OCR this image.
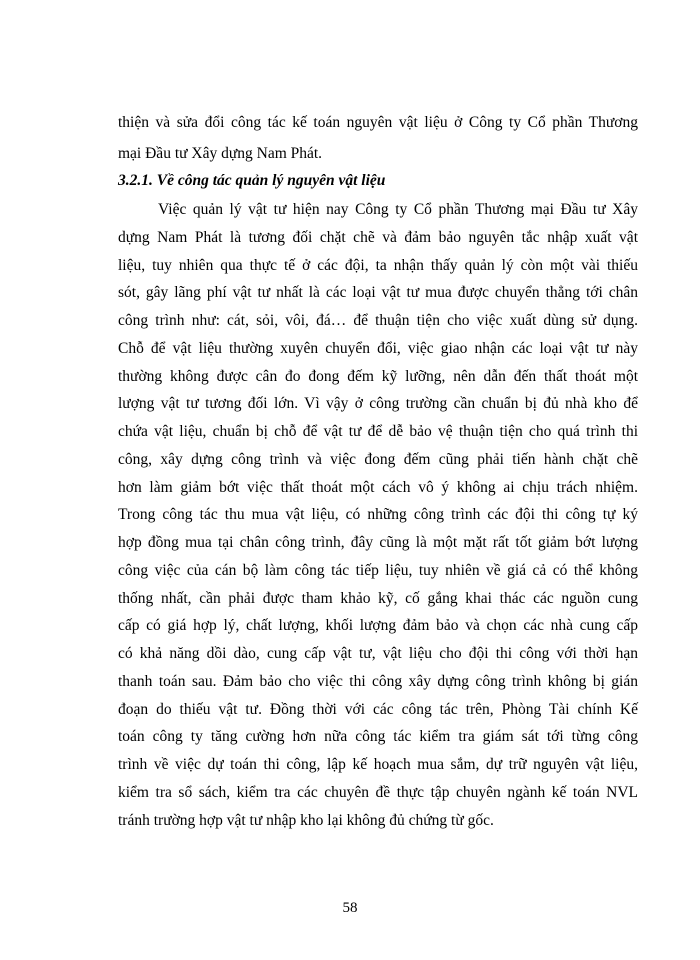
thiện và sửa đổi công tác kế toán nguyên vật liệu ở Công ty Cổ phần Thương
mại Đầu tư Xây dựng Nam Phát.
3.2.1. Về công tác quản lý nguyên vật liệu
Việc quản lý vật tư hiện nay Công ty Cổ phần Thương mại Đầu tư Xây
dựng Nam Phát là tương đối chặt chẽ và đảm bảo nguyên tắc nhập xuất vật
liệu, tuy nhiên qua thực tế ở các đội, ta nhận thấy quản lý còn một vài thiếu
sót, gây lãng phí vật tư nhất là các loại vật tư mua được chuyển thẳng tới chân
công trình như: cát, sỏi, vôi, đá… để thuận tiện cho việc xuất dùng sử dụng.
Chỗ để vật liệu thường xuyên chuyển đổi, việc giao nhận các loại vật tư này
thường không được cân đo đong đếm kỹ lưỡng, nên dẫn đến thất thoát một
lượng vật tư tương đối lớn. Vì vậy ở công trường cần chuẩn bị đủ nhà kho để
chứa vật liệu, chuẩn bị chỗ để vật tư để dễ bảo vệ thuận tiện cho quá trình thi
công, xây dựng công trình và việc đong đếm cũng phải tiến hành chặt chẽ
hơn làm giảm bớt việc thất thoát một cách vô ý không ai chịu trách nhiệm.
Trong công tác thu mua vật liệu, có những công trình các đội thi công tự ký
hợp đồng mua tại chân công trình, đây cũng là một mặt rất tốt giảm bớt lượng
công việc của cán bộ làm công tác tiếp liệu, tuy nhiên về giá cả có thể không
thống nhất, cần phải được tham khảo kỹ, cố gắng khai thác các nguồn cung
cấp có giá hợp lý, chất lượng, khối lượng đảm bảo và chọn các nhà cung cấp
có khả năng dồi dào, cung cấp vật tư, vật liệu cho đội thi công với thời hạn
thanh toán sau. Đảm bảo cho việc thi công xây dựng công trình không bị gián
đoạn do thiếu vật tư. Đồng thời với các công tác trên, Phòng Tài chính Kế
toán công ty tăng cường hơn nữa công tác kiểm tra giám sát tới từng công
trình về việc dự toán thi công, lập kế hoạch mua sắm, dự trữ nguyên vật liệu,
kiểm tra sổ sách, kiểm tra các chuyên đề thực tập chuyên ngành kế toán NVL
tránh trường hợp vật tư nhập kho lại không đủ chứng từ gốc.
58
